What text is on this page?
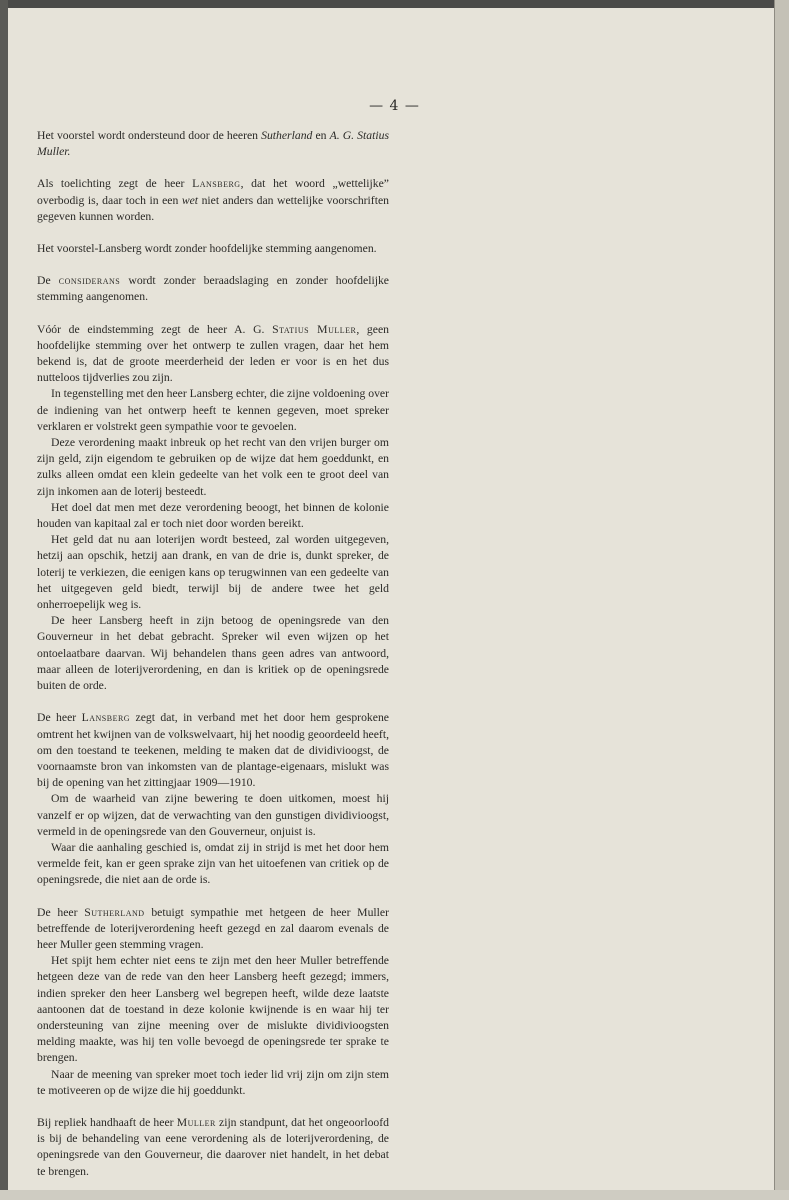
— 4 —

Het voorstel wordt ondersteund door de heeren Sutherland en A. G. Statius Muller.

Als toelichting zegt de heer Lansberg, dat het woord „wettelijke” overbodig is, daar toch in een wet niet anders dan wettelijke voorschriften gegeven kunnen worden.

Het voorstel-Lansberg wordt zonder hoofdelijke stemming aangenomen.

De considerans wordt zonder beraadslaging en zonder hoofdelijke stemming aangenomen.

Vóór de eindstemming zegt de heer A. G. Statius Muller, geen hoofdelijke stemming over het ontwerp te zullen vragen, daar het hem bekend is, dat de groote meerderheid der leden er voor is en het dus nutteloos tijdverlies zou zijn.

In tegenstelling met den heer Lansberg echter, die zijne voldoening over de indiening van het ontwerp heeft te kennen gegeven, moet spreker verklaren er volstrekt geen sympathie voor te gevoelen.

Deze verordening maakt inbreuk op het recht van den vrijen burger om zijn geld, zijn eigendom te gebruiken op de wijze dat hem goeddunkt, en zulks alleen omdat een klein gedeelte van het volk een te groot deel van zijn inkomen aan de loterij besteedt.

Het doel dat men met deze verordening beoogt, het binnen de kolonie houden van kapitaal zal er toch niet door worden bereikt.

Het geld dat nu aan loterijen wordt besteed, zal worden uitgegeven, hetzij aan opschik, hetzij aan drank, en van de drie is, dunkt spreker, de loterij te verkiezen, die eenigen kans op terugwinnen van een gedeelte van het uitgegeven geld biedt, terwijl bij de andere twee het geld onherroepelijk weg is.

De heer Lansberg heeft in zijn betoog de openingsrede van den Gouverneur in het debat gebracht. Spreker wil even wijzen op het ontoelaatbare daarvan. Wij behandelen thans geen adres van antwoord, maar alleen de loterijverordening, en dan is kritiek op de openingsrede buiten de orde.

De heer Lansberg zegt dat, in verband met het door hem gesprokene omtrent het kwijnen van de volkswelvaart, hij het noodig geoordeeld heeft, om den toestand te teekenen, melding te maken dat de dividivioogst, de voornaamste bron van inkomsten van de plantage-eigenaars, mislukt was bij de opening van het zittingjaar 1909—1910.

Om de waarheid van zijne bewering te doen uitkomen, moest hij vanzelf er op wijzen, dat de verwachting van den gunstigen dividivioogst, vermeld in de openingsrede van den Gouverneur, onjuist is.

Waar die aanhaling geschied is, omdat zij in strijd is met het door hem vermelde feit, kan er geen sprake zijn van het uitoefenen van critiek op de openingsrede, die niet aan de orde is.

De heer Sutherland betuigt sympathie met hetgeen de heer Muller betreffende de loterijverordening heeft gezegd en zal daarom evenals de heer Muller geen stemming vragen.

Het spijt hem echter niet eens te zijn met den heer Muller betreffende hetgeen deze van de rede van den heer Lansberg heeft gezegd; immers, indien spreker den heer Lansberg wel begrepen heeft, wilde deze laatste aantoonen dat de toestand in deze kolonie kwijnende is en waar hij ter ondersteuning van zijne meening over de mislukte dividivioogsten melding maakte, was hij ten volle bevoegd de openingsrede ter sprake te brengen.

Naar de meening van spreker moet toch ieder lid vrij zijn om zijn stem te motiveeren op de wijze die hij goeddunkt.

Bij repliek handhaaft de heer Muller zijn standpunt, dat het ongeoorloofd is bij de behandeling van eene verordening als de loterijverordening, de openingsrede van den Gouverneur, die daarover niet handelt, in het debat te brengen.
